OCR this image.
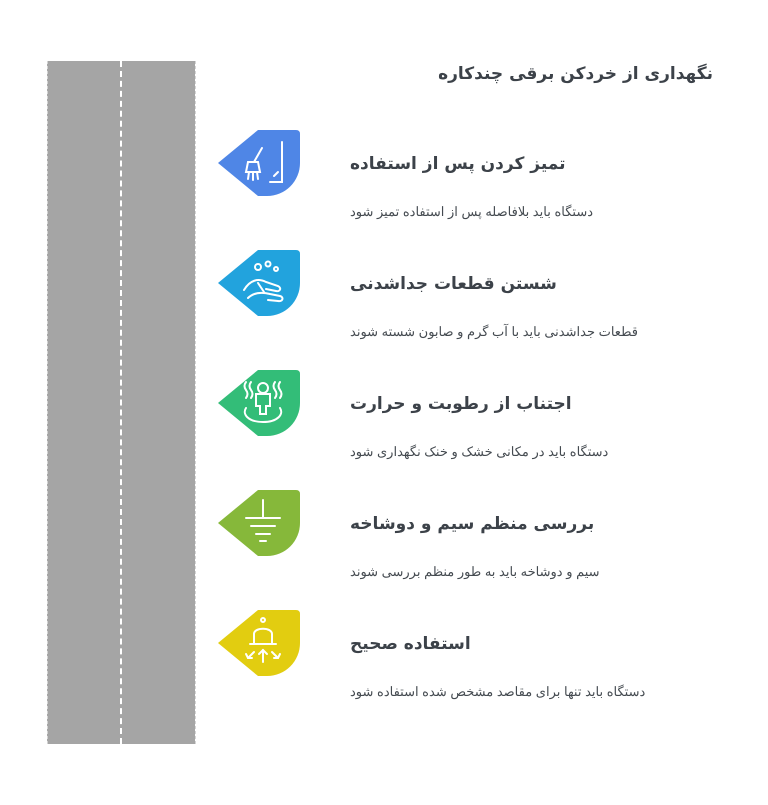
نگهداری از خردکن برقی چندکاره
تمیز کردن پس از استفاده
دستگاه باید بلافاصله پس از استفاده تمیز شود
شستن قطعات جداشدنی
قطعات جداشدنی باید با آب گرم و صابون شسته شوند
اجتناب از رطوبت و حرارت
دستگاه باید در مکانی خشک و خنک نگهداری شود
بررسی منظم سیم و دوشاخه
سیم و دوشاخه باید به طور منظم بررسی شوند
استفاده صحیح
دستگاه باید تنها برای مقاصد مشخص شده استفاده شود
